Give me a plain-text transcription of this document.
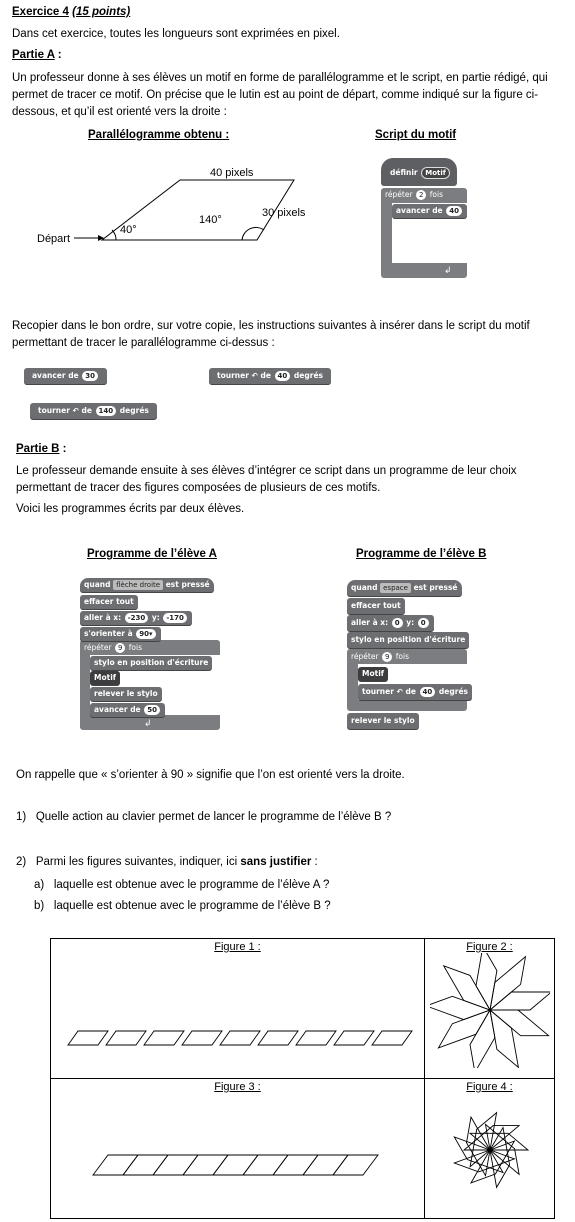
Exercice 4 (15 points)

Dans cet exercice, toutes les longueurs sont exprimées en pixel.

Partie A :

Un professeur donne à ses élèves un motif en forme de parallélogramme et le script, en partie rédigé, qui permet de tracer ce motif. On précise que le lutin est au point de départ, comme indiqué sur la figure ci-dessous, et qu’il est orienté vers la droite :

Parallélogramme obtenu :	Script du motif
40 pixels
30 pixels
40°
140°
Départ
définir Motif
répéter 2 fois
avancer de 40
↲

Recopier dans le bon ordre, sur votre copie, les instructions suivantes à insérer dans le script du motif permettant de tracer le parallélogramme ci-dessus :

avancer de 30	tourner ↶ de 40 degrés
tourner ↶ de 140 degrés
Partie B :

Le professeur demande ensuite à ses élèves d’intégrer ce script dans un programme de leur choix permettant de tracer des figures composées de plusieurs de ces motifs.

Voici les programmes écrits par deux élèves.

Programme de l’élève A	Programme de l’élève B
quand flèche droite est pressé
effacer tout
aller à x: -230 y: -170
s'orienter à 90▾
répéter 9 fois
stylo en position d'écriture
Motif
relever le stylo
avancer de 50
↲
quand espace est pressé
effacer tout
aller à x: 0 y: 0
stylo en position d'écriture
répéter 9 fois
Motif
tourner ↶ de 40 degrés
relever le stylo

On rappelle que « s’orienter à 90 » signifie que l’on est orienté vers la droite.

1) Quelle action au clavier permet de lancer le programme de l’élève B ?
2) Parmi les figures suivantes, indiquer, ici sans justifier :
a) laquelle est obtenue avec le programme de l’élève A ?
b) laquelle est obtenue avec le programme de l’élève B ?
Figure 1 :	Figure 2 :

Figure 3 :	Figure 4 :
